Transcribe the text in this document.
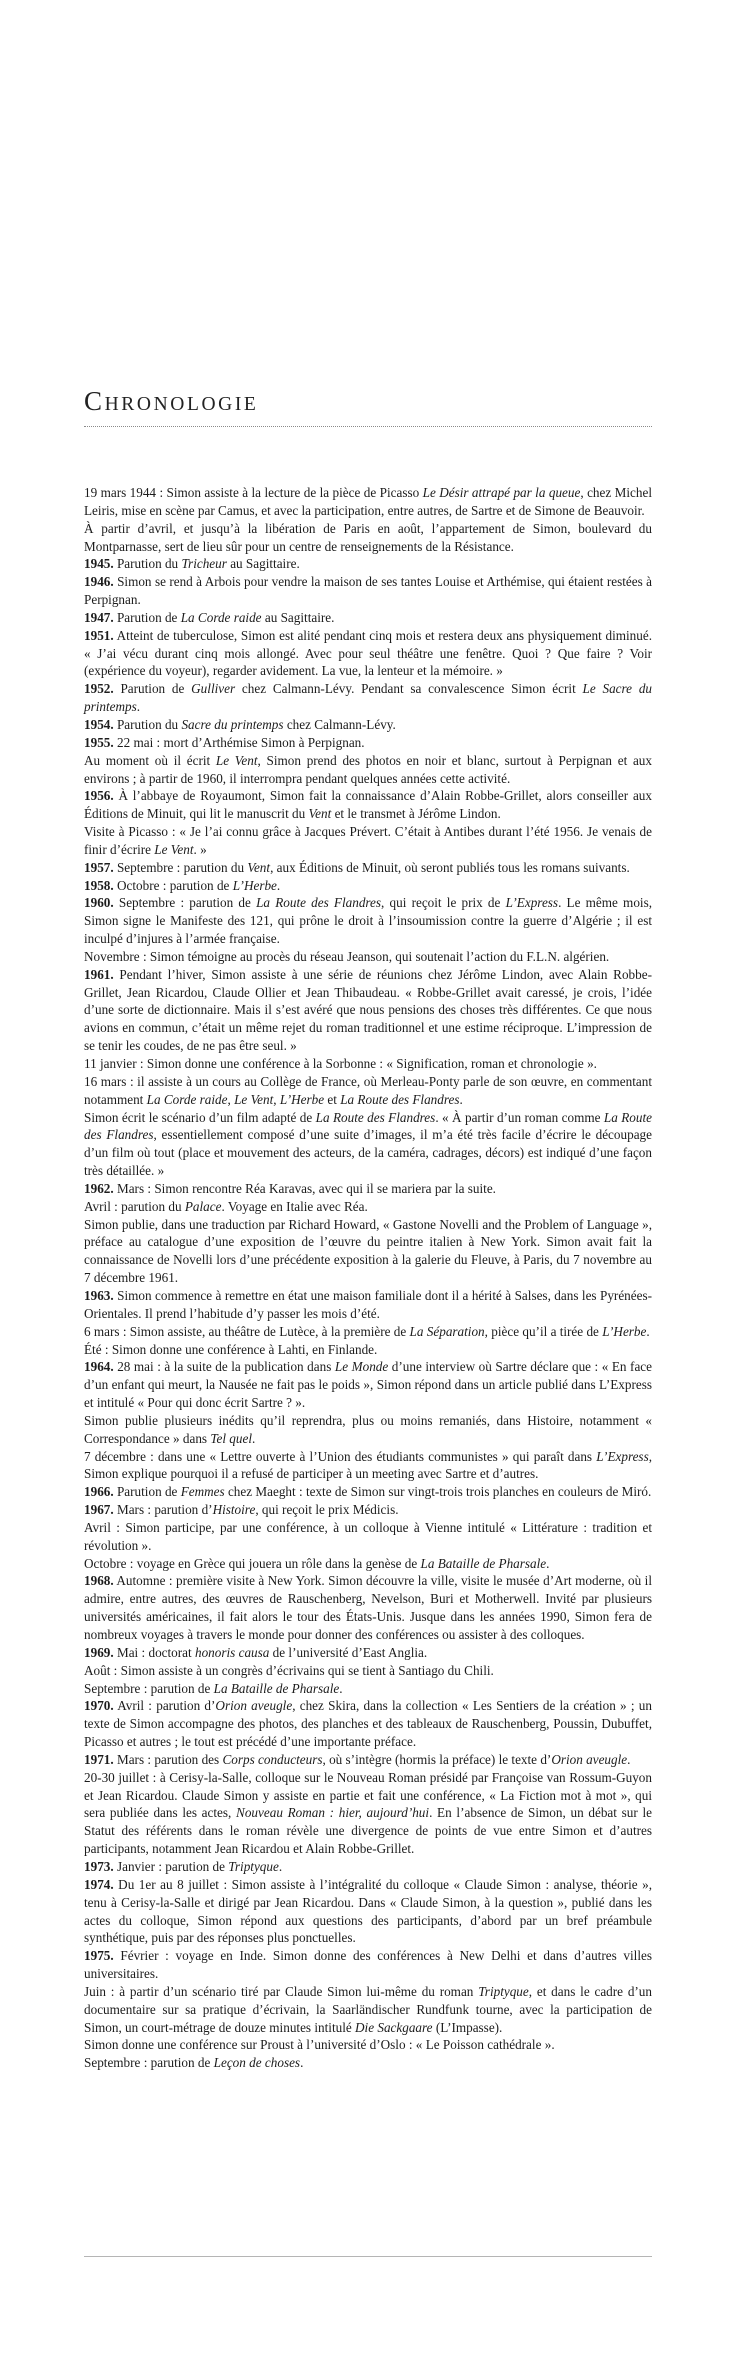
CHRONOLOGIE

19 mars 1944 : Simon assiste à la lecture de la pièce de Picasso Le Désir attrapé par la queue, chez Michel Leiris, mise en scène par Camus, et avec la participation, entre autres, de Sartre et de Simone de Beauvoir.

À partir d’avril, et jusqu’à la libération de Paris en août, l’appartement de Simon, boulevard du Montparnasse, sert de lieu sûr pour un centre de renseignements de la Résistance.

1945. Parution du Tricheur au Sagittaire.

1946. Simon se rend à Arbois pour vendre la maison de ses tantes Louise et Arthémise, qui étaient restées à Perpignan.

1947. Parution de La Corde raide au Sagittaire.

1951. Atteint de tuberculose, Simon est alité pendant cinq mois et restera deux ans physiquement diminué. « J’ai vécu durant cinq mois allongé. Avec pour seul théâtre une fenêtre. Quoi ? Que faire ? Voir (expérience du voyeur), regarder avidement. La vue, la lenteur et la mémoire. »

1952. Parution de Gulliver chez Calmann-Lévy. Pendant sa convalescence Simon écrit Le Sacre du printemps.

1954. Parution du Sacre du printemps chez Calmann-Lévy.

1955. 22 mai : mort d’Arthémise Simon à Perpignan.

Au moment où il écrit Le Vent, Simon prend des photos en noir et blanc, surtout à Perpignan et aux environs ; à partir de 1960, il interrompra pendant quelques années cette activité.

1956. À l’abbaye de Royaumont, Simon fait la connaissance d’Alain Robbe-Grillet, alors conseiller aux Éditions de Minuit, qui lit le manuscrit du Vent et le transmet à Jérôme Lindon.

Visite à Picasso : « Je l’ai connu grâce à Jacques Prévert. C’était à Antibes durant l’été 1956. Je venais de finir d’écrire Le Vent. »

1957. Septembre : parution du Vent, aux Éditions de Minuit, où seront publiés tous les romans suivants.

1958. Octobre : parution de L’Herbe.

1960. Septembre : parution de La Route des Flandres, qui reçoit le prix de L’Express. Le même mois, Simon signe le Manifeste des 121, qui prône le droit à l’insoumission contre la guerre d’Algérie ; il est inculpé d’injures à l’armée française.

Novembre : Simon témoigne au procès du réseau Jeanson, qui soutenait l’action du F.L.N. algérien.

1961. Pendant l’hiver, Simon assiste à une série de réunions chez Jérôme Lindon, avec Alain Robbe-Grillet, Jean Ricardou, Claude Ollier et Jean Thibaudeau. « Robbe-Grillet avait caressé, je crois, l’idée d’une sorte de dictionnaire. Mais il s’est avéré que nous pensions des choses très différentes. Ce que nous avions en commun, c’était un même rejet du roman traditionnel et une estime réciproque. L’impression de se tenir les coudes, de ne pas être seul. »

11 janvier : Simon donne une conférence à la Sorbonne : « Signification, roman et chronologie ».

16 mars : il assiste à un cours au Collège de France, où Merleau-Ponty parle de son œuvre, en commentant notamment La Corde raide, Le Vent, L’Herbe et La Route des Flandres.

Simon écrit le scénario d’un film adapté de La Route des Flandres. « À partir d’un roman comme La Route des Flandres, essentiellement composé d’une suite d’images, il m’a été très facile d’écrire le découpage d’un film où tout (place et mouvement des acteurs, de la caméra, cadrages, décors) est indiqué d’une façon très détaillée. »

1962. Mars : Simon rencontre Réa Karavas, avec qui il se mariera par la suite.

Avril : parution du Palace. Voyage en Italie avec Réa.

Simon publie, dans une traduction par Richard Howard, « Gastone Novelli and the Problem of Language », préface au catalogue d’une exposition de l’œuvre du peintre italien à New York. Simon avait fait la connaissance de Novelli lors d’une précédente exposition à la galerie du Fleuve, à Paris, du 7 novembre au 7 décembre 1961.

1963. Simon commence à remettre en état une maison familiale dont il a hérité à Salses, dans les Pyrénées-Orientales. Il prend l’habitude d’y passer les mois d’été.

6 mars : Simon assiste, au théâtre de Lutèce, à la première de La Séparation, pièce qu’il a tirée de L’Herbe.

Été : Simon donne une conférence à Lahti, en Finlande.

1964. 28 mai : à la suite de la publication dans Le Monde d’une interview où Sartre déclare que : « En face d’un enfant qui meurt, la Nausée ne fait pas le poids », Simon répond dans un article publié dans L’Express et intitulé « Pour qui donc écrit Sartre ? ».

Simon publie plusieurs inédits qu’il reprendra, plus ou moins remaniés, dans Histoire, notamment « Correspondance » dans Tel quel.

7 décembre : dans une « Lettre ouverte à l’Union des étudiants communistes » qui paraît dans L’Express, Simon explique pourquoi il a refusé de participer à un meeting avec Sartre et d’autres.

1966. Parution de Femmes chez Maeght : texte de Simon sur vingt-trois trois planches en couleurs de Miró.

1967. Mars : parution d’Histoire, qui reçoit le prix Médicis.

Avril : Simon participe, par une conférence, à un colloque à Vienne intitulé « Littérature : tradition et révolution ».

Octobre : voyage en Grèce qui jouera un rôle dans la genèse de La Bataille de Pharsale.

1968. Automne : première visite à New York. Simon découvre la ville, visite le musée d’Art moderne, où il admire, entre autres, des œuvres de Rauschenberg, Nevelson, Buri et Motherwell. Invité par plusieurs universités américaines, il fait alors le tour des États-Unis. Jusque dans les années 1990, Simon fera de nombreux voyages à travers le monde pour donner des conférences ou assister à des colloques.

1969. Mai : doctorat honoris causa de l’université d’East Anglia.

Août : Simon assiste à un congrès d’écrivains qui se tient à Santiago du Chili.

Septembre : parution de La Bataille de Pharsale.

1970. Avril : parution d’Orion aveugle, chez Skira, dans la collection « Les Sentiers de la création » ; un texte de Simon accompagne des photos, des planches et des tableaux de Rauschenberg, Poussin, Dubuffet, Picasso et autres ; le tout est précédé d’une importante préface.

1971. Mars : parution des Corps conducteurs, où s’intègre (hormis la préface) le texte d’Orion aveugle.

20-30 juillet : à Cerisy-la-Salle, colloque sur le Nouveau Roman présidé par Françoise van Rossum-Guyon et Jean Ricardou. Claude Simon y assiste en partie et fait une conférence, « La Fiction mot à mot », qui sera publiée dans les actes, Nouveau Roman : hier, aujourd’hui. En l’absence de Simon, un débat sur le Statut des référents dans le roman révèle une divergence de points de vue entre Simon et d’autres participants, notamment Jean Ricardou et Alain Robbe-Grillet.

1973. Janvier : parution de Triptyque.

1974. Du 1er au 8 juillet : Simon assiste à l’intégralité du colloque « Claude Simon : analyse, théorie », tenu à Cerisy-la-Salle et dirigé par Jean Ricardou. Dans « Claude Simon, à la question », publié dans les actes du colloque, Simon répond aux questions des participants, d’abord par un bref préambule synthétique, puis par des réponses plus ponctuelles.

1975. Février : voyage en Inde. Simon donne des conférences à New Delhi et dans d’autres villes universitaires.

Juin : à partir d’un scénario tiré par Claude Simon lui-même du roman Triptyque, et dans le cadre d’un documentaire sur sa pratique d’écrivain, la Saarländischer Rundfunk tourne, avec la participation de Simon, un court-métrage de douze minutes intitulé Die Sackgaare (L’Impasse).

Simon donne une conférence sur Proust à l’université d’Oslo : « Le Poisson cathédrale ».

Septembre : parution de Leçon de choses.
